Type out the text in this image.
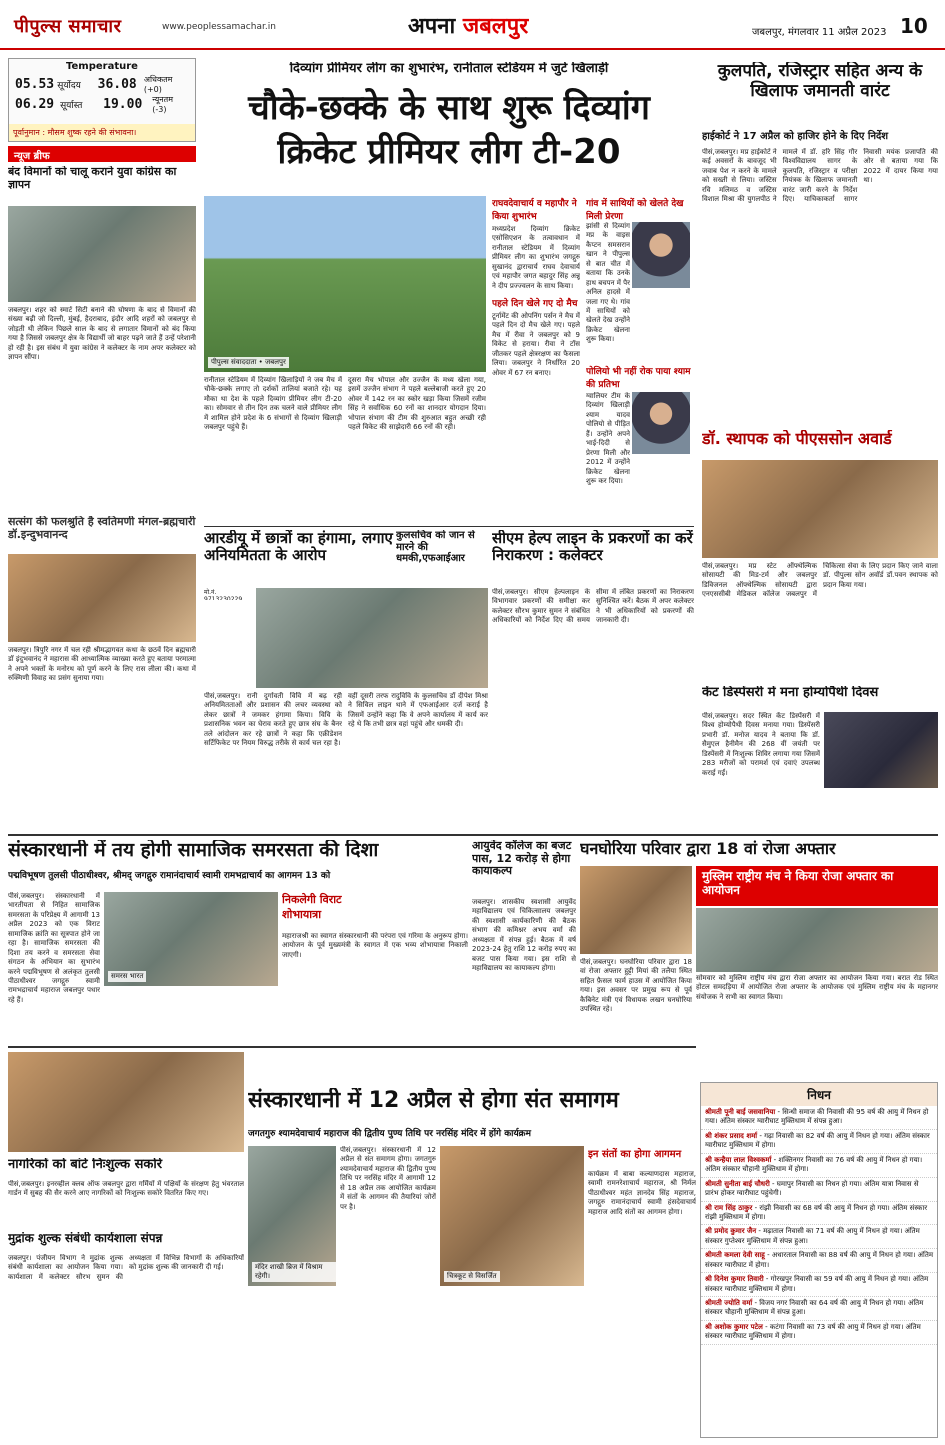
पीपुल्स समाचार	www.peoplessamachar.in	अपना जबलपुर	जबलपुर, मंगलवार 11 अप्रैल 2023 10
Temperature
05.53 सूर्योदय	36.08 अधिकतम (+0)
06.29 सूर्यास्त	19.00	न्यूनतम (-3)
पूर्वानुमान : मौसम शुष्क रहने की संभावना।
न्यूज ब्रीफ
बंद विमानों को चालू कराने युवा कांग्रेस का ज्ञापन
जबलपुर। शहर को स्मार्ट सिटी बनाने की घोषणा के बाद से विमानों की संख्या बढ़ी जो दिल्ली, मुंबई, हैदराबाद, इंदौर आदि शहरों को जबलपुर से जोड़ती थी लेकिन पिछले साल के बाद से लगातार विमानों को बंद किया गया है जिससे जबलपुर क्षेत्र के विद्यार्थी जो बाहर पढ़ने जाते हैं उन्हें परेशानी हो रही है। इस संबंध में युवा कांग्रेस ने कलेक्टर के नाम अपर कलेक्टर को ज्ञापन सौंपा।
सत्संग की फलश्रुति है स्वतिमणी मंगल-ब्रह्मचारी डॉ.इन्दुभवानन्द
जबलपुर। त्रिपुरि नगर में चल रही श्रीमद्भागवत कथा के छठवें दिन ब्रह्मचारी डॉ इंदुभवानंद ने महारास की आध्यात्मिक व्याख्या करते हुए बताया परमात्मा ने अपने भक्तों के मनोरथ को पूर्ण करने के लिए रास लीला की। कथा में रुक्मिणी विवाह का प्रसंग सुनाया गया।
दिव्यांग प्रीमियर लीग का शुभारंभ, रानीताल स्टेडियम में जुटे खिलाड़ी
चौके-छक्के के साथ शुरू दिव्यांग क्रिकेट प्रीमियर लीग टी-20
पीपुल्स संवाददाता • जबलपुर
रानीताल स्टेडियम में दिव्यांग खिलाड़ियों ने जब मैच में चौके-छक्के लगाए तो दर्शकों तालियां बजाते रहे। यह मौका था देश के पहले दिव्यांग प्रीमियर लीग टी-20 का। सोमवार से तीन दिन तक चलने वाले प्रीमियर लीग में शामिल होने प्रदेश के 6 संभागों से दिव्यांग खिलाड़ी जबलपुर पहुंचे हैं।
दूसरा मैच भोपाल और उज्जैन के मध्य खेला गया, इसमें उज्जैन संभाग ने पहले बल्लेबाजी करते हुए 20 ओवर में 142 रन का स्कोर खड़ा किया जिसमें रजीम सिंह ने सर्वाधिक 60 रनों का शानदार योगदान दिया। भोपाल संभाग की टीम की शुरुआत बहुत अच्छी रही पहले विकेट की साझेदारी 66 रनों की रही।
राघवदेवाचार्य व महापौर ने किया शुभारंभ
मध्यप्रदेश दिव्यांग क्रिकेट एसोसिएशन के तत्वावधान में रानीताल स्टेडियम में दिव्यांग प्रीमियर लीग का शुभारंभ जगद्गुरु सुखानंद द्वाराचार्य राघव देवाचार्य एवं महापौर जगत बहादुर सिंह अन्नू ने दीप प्रज्ज्वलन के साथ किया।
पहले दिन खेले गए दो मैच
टूर्नामेंट की ओपनिंग पर्सन ने मैच में पहले दिन दो मैच खेले गए। पहले मैच में रीवा ने जबलपुर को 9 विकेट से हराया। रीवा ने टॉस जीतकर पहले क्षेत्ररक्षण का फैसला लिया। जबलपुर ने निर्धारित 20 ओवर में 67 रन बनाए।
गांव में साथियों को खेलते देख मिली प्रेरणा
झांसी से दिव्यांग मप्र के वाइस कैप्टन समसरान खान ने पीपुल्स से बात चीत में बताया कि उनके हाथ बचपन में पैर अनिल हादसे में जला गए थे। गांव में साथियों को खेलते देख उन्होंने क्रिकेट खेलना शुरू किया।
पोलियो भी नहीं रोक पाया श्याम की प्रतिभा
ग्वालियर टीम के दिव्यांग खिलाड़ी श्याम यादव पोलियो से पीड़ित हैं। उन्होंने अपने भाई-दिदी से प्रेरणा मिली और 2012 में उन्होंने क्रिकेट खेलना शुरू कर दिया।
कुलपति, रजिस्ट्रार सहित अन्य के खिलाफ जमानती वारंट
हाईकोर्ट ने 17 अप्रैल को हाजिर होने के दिए निर्देश
पीसं,जबलपुर। मप्र हाईकोर्ट ने कई अवसरों के बावजूद भी जवाब पेश न करने के मामले को सख्ती से लिया। जस्टिस रवि मलिमठ व जस्टिस विशाल मिश्रा की युगलपीठ ने मामले में डॉ. हरि सिंह गौर विश्वविद्यालय सागर के कुलपति, रजिस्ट्रार व परीक्षा नियंत्रक के खिलाफ जमानती वारंट जारी करने के निर्देश दिए। याचिकाकर्ता सागर निवासी मयंक प्रजापति की ओर से बताया गया कि 2022 में दायर किया गया था।
डॉ. स्थापक को पीएससोन अवार्ड
पीसं,जबलपुर। मप्र स्टेट ऑफ्थेल्मिक सोसायटी की मिड-टर्म और जबलपुर डिविजनल ऑफ्थेल्मिक सोसायटी द्वारा एनएससीबी मेडिकल कॉलेज जबलपुर में चिकित्सा सेवा के लिए प्रदान किए जाने वाला डॉ. पीपुल्स सोन अवॉर्ड डॉ.पवन स्थापक को प्रदान किया गया।
केंट डिस्पेंसरी में मना होम्योपैथी दिवस
पीसं,जबलपुर। सदर स्थित केंट डिस्पेंसरी में विश्व होम्योपैथी दिवस मनाया गया। डिस्पेंसरी प्रभारी डॉ. मनोज यादव ने बताया कि डॉ. सैमुएल हैनीमैन की 268 वीं जयंती पर डिस्पेंसरी में निःशुल्क शिविर लगाया गया जिसमें 283 मरीजों को परामर्श एवं दवाएं उपलब्ध कराई गईं।
आरडीयू में छात्रों का हंगामा, लगाए अनियमितता के आरोप
कुलसचिव को जान से मारने की धमकी,एफआईआर
मो.नं. 9713230229
पीसं,जबलपुर। रानी दुर्गावती विवि में बढ़ रही अनियमितताओं और प्रशासन की लचर व्यवस्था को लेकर छात्रों ने जमकर हंगामा किया। विवि के प्रशासनिक भवन का घेराव करते हुए छात्र संघ के बैनर तले आंदोलन कर रहे छात्रों ने कहा कि एक्रीडेशन सर्टिफिकेट पर नियम विरुद्ध तरीके से कार्य चल रहा है।
वहीं दूसरी तरफ रादुविवि के कुलसचिव डॉ दीपेश मिश्रा ने सिविल लाइन थाने में एफआईआर दर्ज कराई है जिसमें उन्होंने कहा कि वे अपने कार्यालय में कार्य कर रहे थे कि तभी छात्र वहां पहुंचे और धमकी दी।
सीएम हेल्प लाइन के प्रकरणों का करें निराकरण : कलेक्टर
पीसं,जबलपुर। सीएम हेल्पलाइन के विभागवार प्रकरणों की समीक्षा कर कलेक्टर सौरभ कुमार सुमन ने संबंधित अधिकारियों को निर्देश दिए की समय सीमा में लंबित प्रकरणों का निराकरण सुनिश्चित करें। बैठक में अपर कलेक्टर ने भी अधिकारियों को प्रकरणों की जानकारी दी।
संस्कारधानी में तय होगी सामाजिक समरसता की दिशा
पद्मविभूषण तुलसी पीठाधीश्वर, श्रीमद् जगद्गुरु रामानंदाचार्य स्वामी रामभद्राचार्य का आगमन 13 को
पीसं,जबलपुर। संस्कारधानी में भारतीयता से निहित सामाजिक समरसता के परिप्रेक्ष्य में आगामी 13 अप्रैल 2023 को एक विराट सामाजिक क्रांति का सूत्रपात होने जा रहा है। सामाजिक समरसता की दिशा तय करने व समरसता सेवा संगठन के अभियान का सुभारंभ करने पद्मविभूषण से अलंकृत तुलसी पीठाधीश्वर जगद्गुरु स्वामी रामभद्राचार्य महाराज जबलपुर पधार रहे हैं।
समरस भारत
निकलेगी विराट शोभायात्रा
महाराजश्री का स्वागत संस्कारधानी की परंपरा एवं गरिमा के अनुरूप होगा। आयोजन के पूर्व मुख्यमंत्री के स्वागत में एक भव्य शोभायात्रा निकाली जाएगी।
आयुर्वेद कॉलेज का बजट पास, 12 करोड़ से होगा कायाकल्प
जबलपुर। शासकीय स्वशासी आयुर्वेद महाविद्यालय एवं चिकित्सालय जबलपुर की स्वशासी कार्यकारिणी की बैठक संभाग की कमिश्नर अभय वर्मा की अध्यक्षता में संपन्न हुई। बैठक में वर्ष 2023-24 हेतु राशि 12 करोड़ रुपए का बजट पास किया गया। इस राशि से महाविद्यालय का कायाकल्प होगा।
घनघोरिया परिवार द्वारा 18 वां रोजा अफ्तार
मुस्लिम राष्ट्रीय मंच ने किया रोजा अफ्तार का आयोजन
पीसं,जबलपुर। घनघोरिया परिवार द्वारा 18 वां रोजा अफ्तार हुट्टी मियां की तलैया स्थित सहित फ़ैसल फार्म हाउस में आयोजित किया गया। इस अवसर पर प्रमुख रूप से पूर्व कैबिनेट मंत्री एवं विधायक लखन घनघोरिया उपस्थित रहे।
सोमवार को मुस्लिम राष्ट्रीय मंच द्वारा रोजा अफ्तार का आयोजन किया गया। बरात रोड स्थित होटल समदड़िया में आयोजित रोजा अफ्तार के आयोजक एवं मुस्लिम राष्ट्रीय मंच के महानगर संयोजक ने सभी का स्वागत किया।
संस्कारधानी में 12 अप्रैल से होगा संत समागम
जगतगुरु श्यामदेवाचार्य महाराज की द्वितीय पुण्य तिथि पर नरसिंह मंदिर में होंगे कार्यक्रम
पीसं,जबलपुर। संस्कारधानी में 12 अप्रैल से संत समागम होगा। जगतगुरु श्यामदेवाचार्य महाराज की द्वितीय पुण्य तिथि पर नरसिंह मंदिर में आगामी 12 से 18 अप्रैल तक आयोजित कार्यक्रम में संतों के आगमन की तैयारियां जोरों पर है।
मंदिर शाखी ब्रिज में विश्राम रहेगी।	चित्रकूट से विसर्जित
इन संतों का होगा आगमन
कार्यक्रम में बाबा कल्याणदास महाराज, स्वामी रामनरेशाचार्य महाराज, श्री निर्मल पीठाधीश्वर महंत ज्ञानदेव सिंह महाराज, जगद्गुरु रामानंदाचार्य स्वामी हंसदेवाचार्य महाराज आदि संतों का आगमन होगा।
नागरिकों को बांटे निःशुल्क सकोरे
पीसं,जबलपुर। इनरव्हील क्लब ऑफ जबलपुर द्वारा गर्मियों में पक्षियों के संरक्षण हेतु भंवरताल गार्डन में सुबह की सैर करने आए नागरिकों को निःशुल्क सकोरे वितरित किए गए।
मुद्रांक शुल्क संबंधी कार्यशाला संपन्न
जबलपुर। पंजीयन विभाग ने मुद्रांक शुल्क संबंधी कार्यशाला का आयोजन किया गया। कार्यशाला में कलेक्टर सौरभ सुमन की अध्यक्षता में विभिन्न विभागों के अधिकारियों को मुद्रांक शुल्क की जानकारी दी गई।
निधन
श्रीमती पूनी बाई जसवानिया - सिन्धी समाज की निवासी की 95 वर्ष की आयु में निधन हो गया। अंतिम संस्कार ग्वारीघाट मुक्तिधाम में संपन्न हुआ।
श्री शंकर प्रसाद शर्मा - गढ़ा निवासी का 82 वर्ष की आयु में निधन हो गया। अंतिम संस्कार ग्वारीघाट मुक्तिधाम में होगा।
श्री कन्हैया लाल विश्वकर्मा - शक्तिनगर निवासी का 76 वर्ष की आयु में निधन हो गया। अंतिम संस्कार चौहानी मुक्तिधाम में होगा।
श्रीमती सुनीता बाई चौधरी - घमापुर निवासी का निधन हो गया। अंतिम यात्रा निवास से प्रारंभ होकर ग्वारीघाट पहुंचेगी।
श्री राम सिंह ठाकुर - रांझी निवासी का 68 वर्ष की आयु में निधन हो गया। अंतिम संस्कार रांझी मुक्तिधाम में होगा।
श्री प्रमोद कुमार जैन - मढ़ाताल निवासी का 71 वर्ष की आयु में निधन हो गया। अंतिम संस्कार गुप्तेश्वर मुक्तिधाम में संपन्न हुआ।
श्रीमती कमला देवी साहू - अधारताल निवासी का 88 वर्ष की आयु में निधन हो गया। अंतिम संस्कार ग्वारीघाट में होगा।
श्री दिनेश कुमार तिवारी - गोरखपुर निवासी का 59 वर्ष की आयु में निधन हो गया। अंतिम संस्कार ग्वारीघाट मुक्तिधाम में होगा।
श्रीमती ज्योति वर्मा - विजय नगर निवासी का 64 वर्ष की आयु में निधन हो गया। अंतिम संस्कार चौहानी मुक्तिधाम में संपन्न हुआ।
श्री अशोक कुमार पटेल - कटंगा निवासी का 73 वर्ष की आयु में निधन हो गया। अंतिम संस्कार ग्वारीघाट मुक्तिधाम में होगा।
